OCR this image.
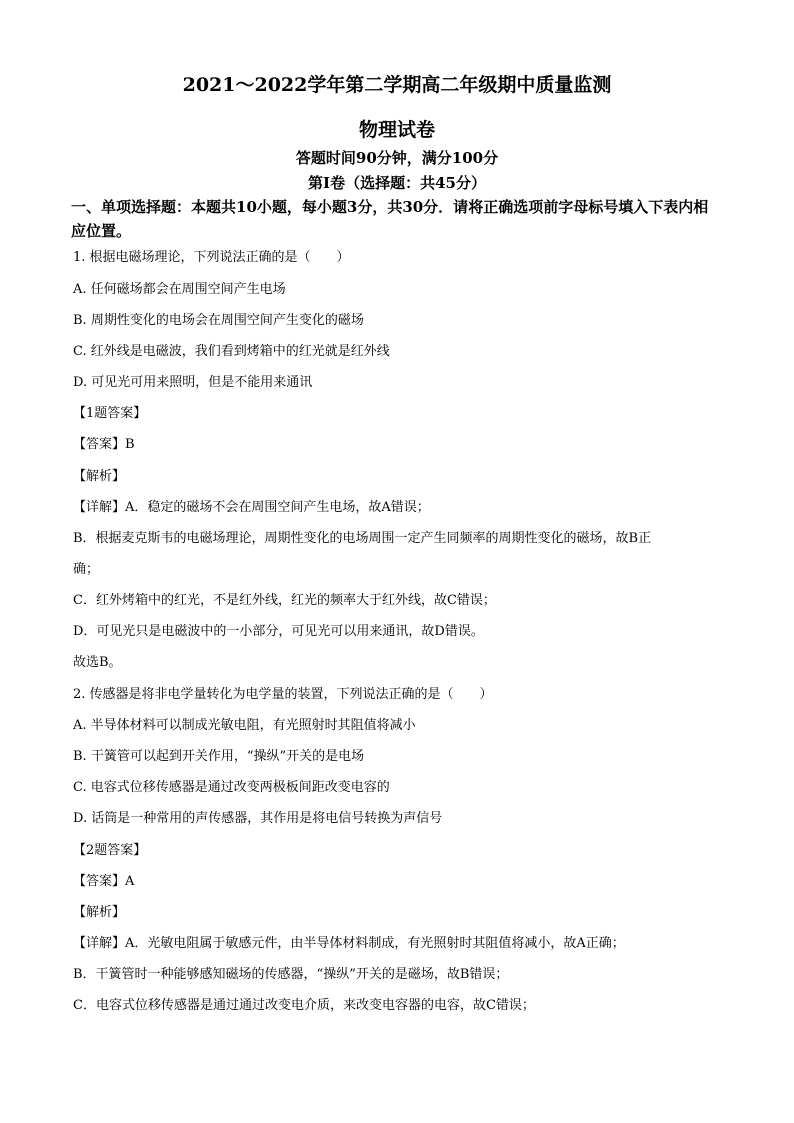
2021～2022学年第二学期高二年级期中质量监测
物理试卷
答题时间90分钟，满分100分
第Ⅰ卷（选择题：共45分）
一、单项选择题：本题共10小题，每小题3分，共30分．请将正确选项前字母标号填入下表内相应位置。
1. 根据电磁场理论，下列说法正确的是（　　）
A. 任何磁场都会在周围空间产生电场
B. 周期性变化的电场会在周围空间产生变化的磁场
C. 红外线是电磁波，我们看到烤箱中的红光就是红外线
D. 可见光可用来照明，但是不能用来通讯
【1题答案】
【答案】B
【解析】
【详解】A．稳定的磁场不会在周围空间产生电场，故A错误；
B．根据麦克斯韦的电磁场理论，周期性变化的电场周围一定产生同频率的周期性变化的磁场，故B正
确；
C．红外烤箱中的红光，不是红外线，红光的频率大于红外线，故C错误；
D．可见光只是电磁波中的一小部分，可见光可以用来通讯，故D错误。
故选B。
2. 传感器是将非电学量转化为电学量的装置，下列说法正确的是（　　）
A. 半导体材料可以制成光敏电阻，有光照射时其阻值将减小
B. 干簧管可以起到开关作用，“操纵”开关的是电场
C. 电容式位移传感器是通过改变两极板间距改变电容的
D. 话筒是一种常用的声传感器，其作用是将电信号转换为声信号
【2题答案】
【答案】A
【解析】
【详解】A．光敏电阻属于敏感元件，由半导体材料制成，有光照射时其阻值将减小，故A正确；
B．干簧管时一种能够感知磁场的传感器，“操纵”开关的是磁场，故B错误；
C．电容式位移传感器是通过通过改变电介质，来改变电容器的电容，故C错误；
